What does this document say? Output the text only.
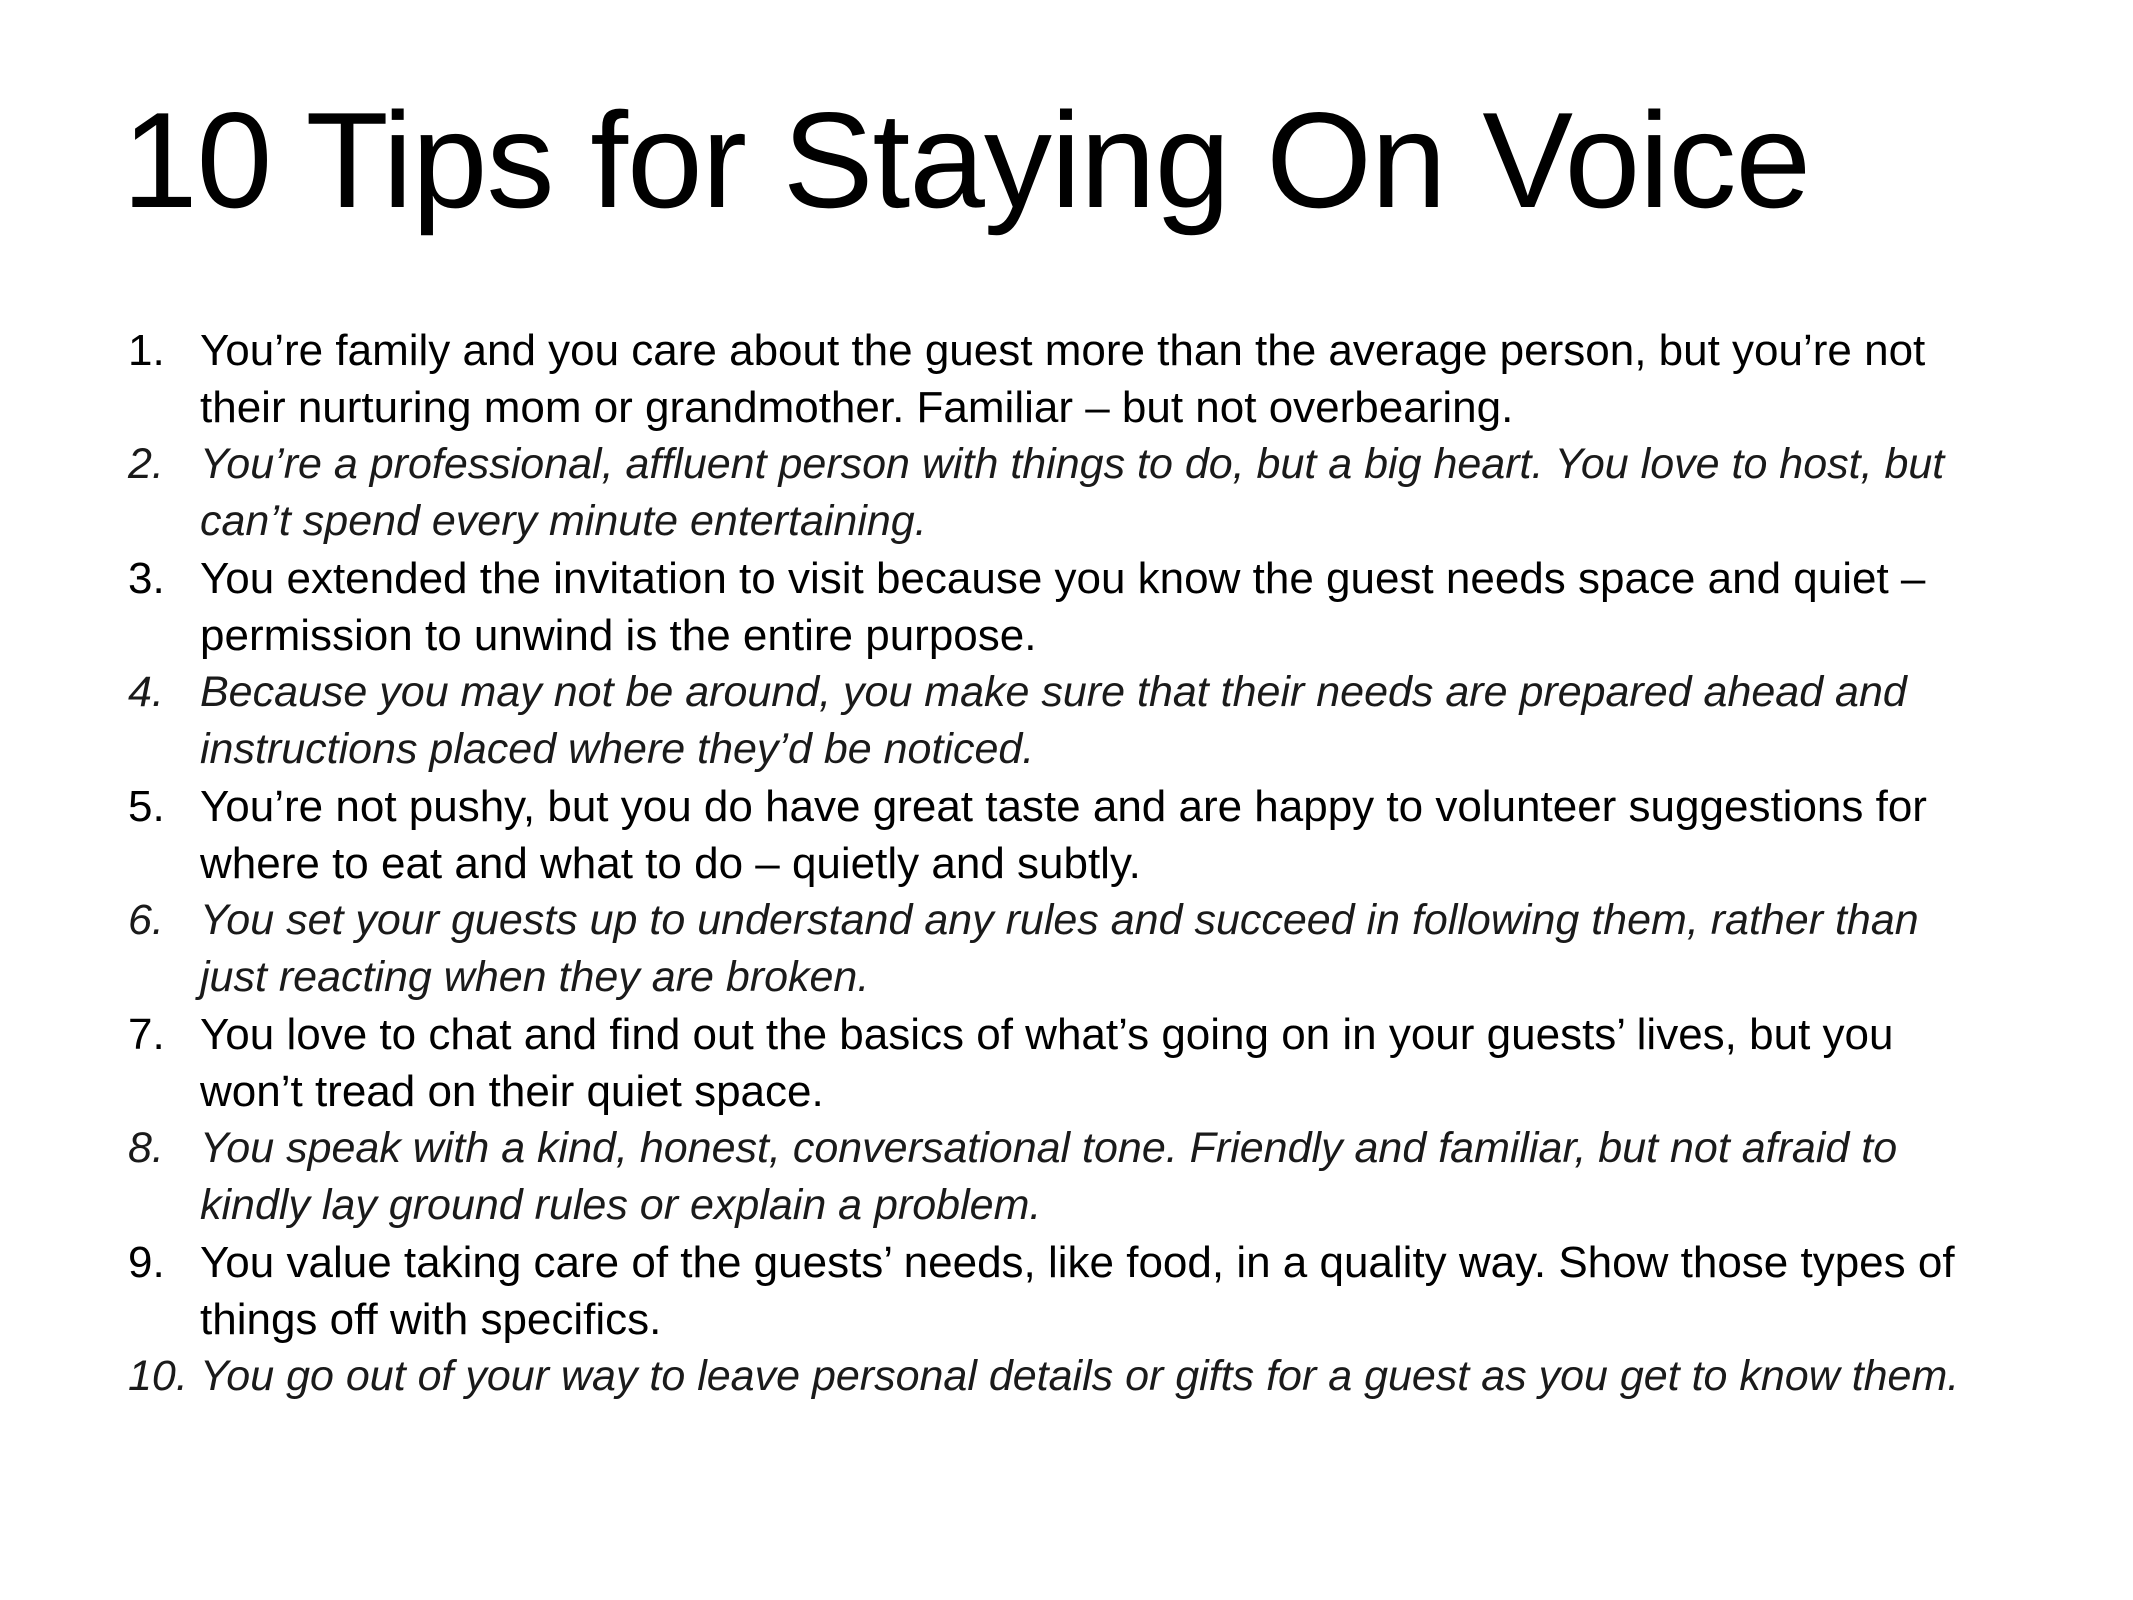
10 Tips for Staying On Voice
1. You’re family and you care about the guest more than the average person, but you’re not their nurturing mom or grandmother. Familiar – but not overbearing.
2. You’re a professional, affluent person with things to do, but a big heart. You love to host, but can’t spend every minute entertaining.
3. You extended the invitation to visit because you know the guest needs space and quiet – permission to unwind is the entire purpose.
4. Because you may not be around, you make sure that their needs are prepared ahead and instructions placed where they’d be noticed.
5. You’re not pushy, but you do have great taste and are happy to volunteer suggestions for where to eat and what to do – quietly and subtly.
6. You set your guests up to understand any rules and succeed in following them, rather than just reacting when they are broken.
7. You love to chat and find out the basics of what’s going on in your guests’ lives, but you won’t tread on their quiet space.
8. You speak with a kind, honest, conversational tone. Friendly and familiar, but not afraid to kindly lay ground rules or explain a problem.
9. You value taking care of the guests’ needs, like food, in a quality way. Show those types of things off with specifics.
10. You go out of your way to leave personal details or gifts for a guest as you get to know them.
